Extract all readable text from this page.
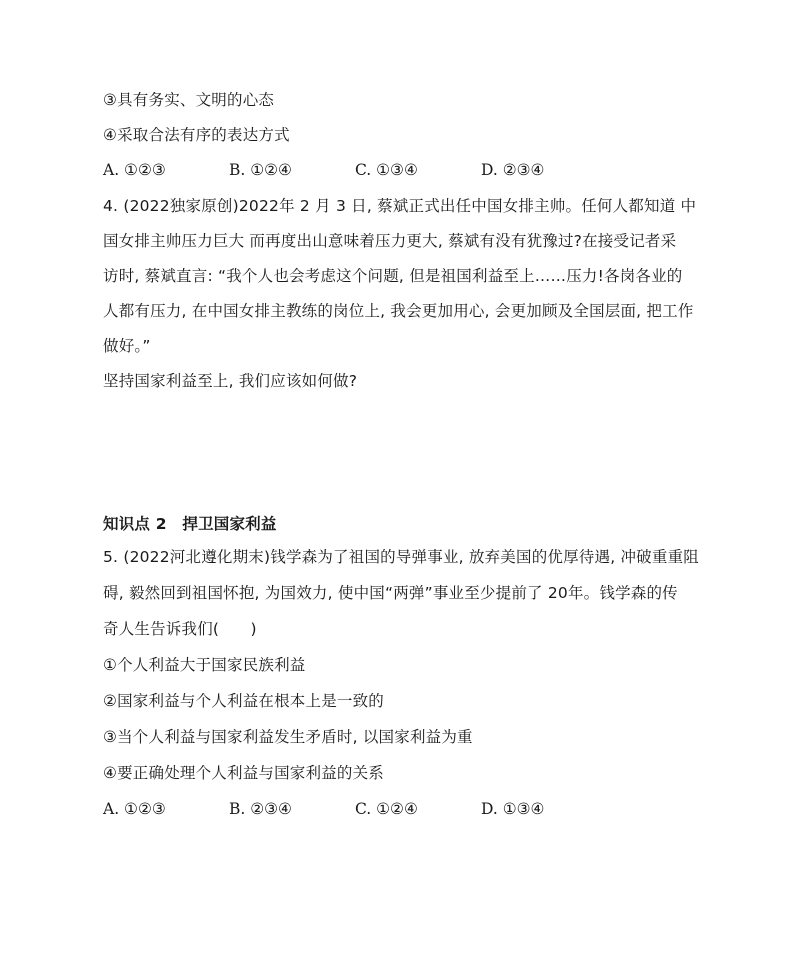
③具有务实、文明的心态
④采取合法有序的表达方式
A. ①②③	B. ①②④	C. ①③④	D. ②③④
4. (2022独家原创)2022年 2 月 3 日, 蔡斌正式出任中国女排主帅。任何人都知道 中
国女排主帅压力巨大 而再度出山意味着压力更大, 蔡斌有没有犹豫过?在接受记者采
访时, 蔡斌直言: “我个人也会考虑这个问题, 但是祖国利益至上……压力!各岗各业的
人都有压力, 在中国女排主教练的岗位上, 我会更加用心, 会更加顾及全国层面, 把工作
做好。”
坚持国家利益至上, 我们应该如何做?
知识点 2　捍卫国家利益
5. (2022河北遵化期末)钱学森为了祖国的导弹事业, 放弃美国的优厚待遇, 冲破重重阻
碍, 毅然回到祖国怀抱, 为国效力, 使中国“两弹”事业至少提前了 20年。钱学森的传
奇人生告诉我们(　　)
①个人利益大于国家民族利益
②国家利益与个人利益在根本上是一致的
③当个人利益与国家利益发生矛盾时, 以国家利益为重
④要正确处理个人利益与国家利益的关系
A. ①②③	B. ②③④	C. ①②④	D. ①③④
